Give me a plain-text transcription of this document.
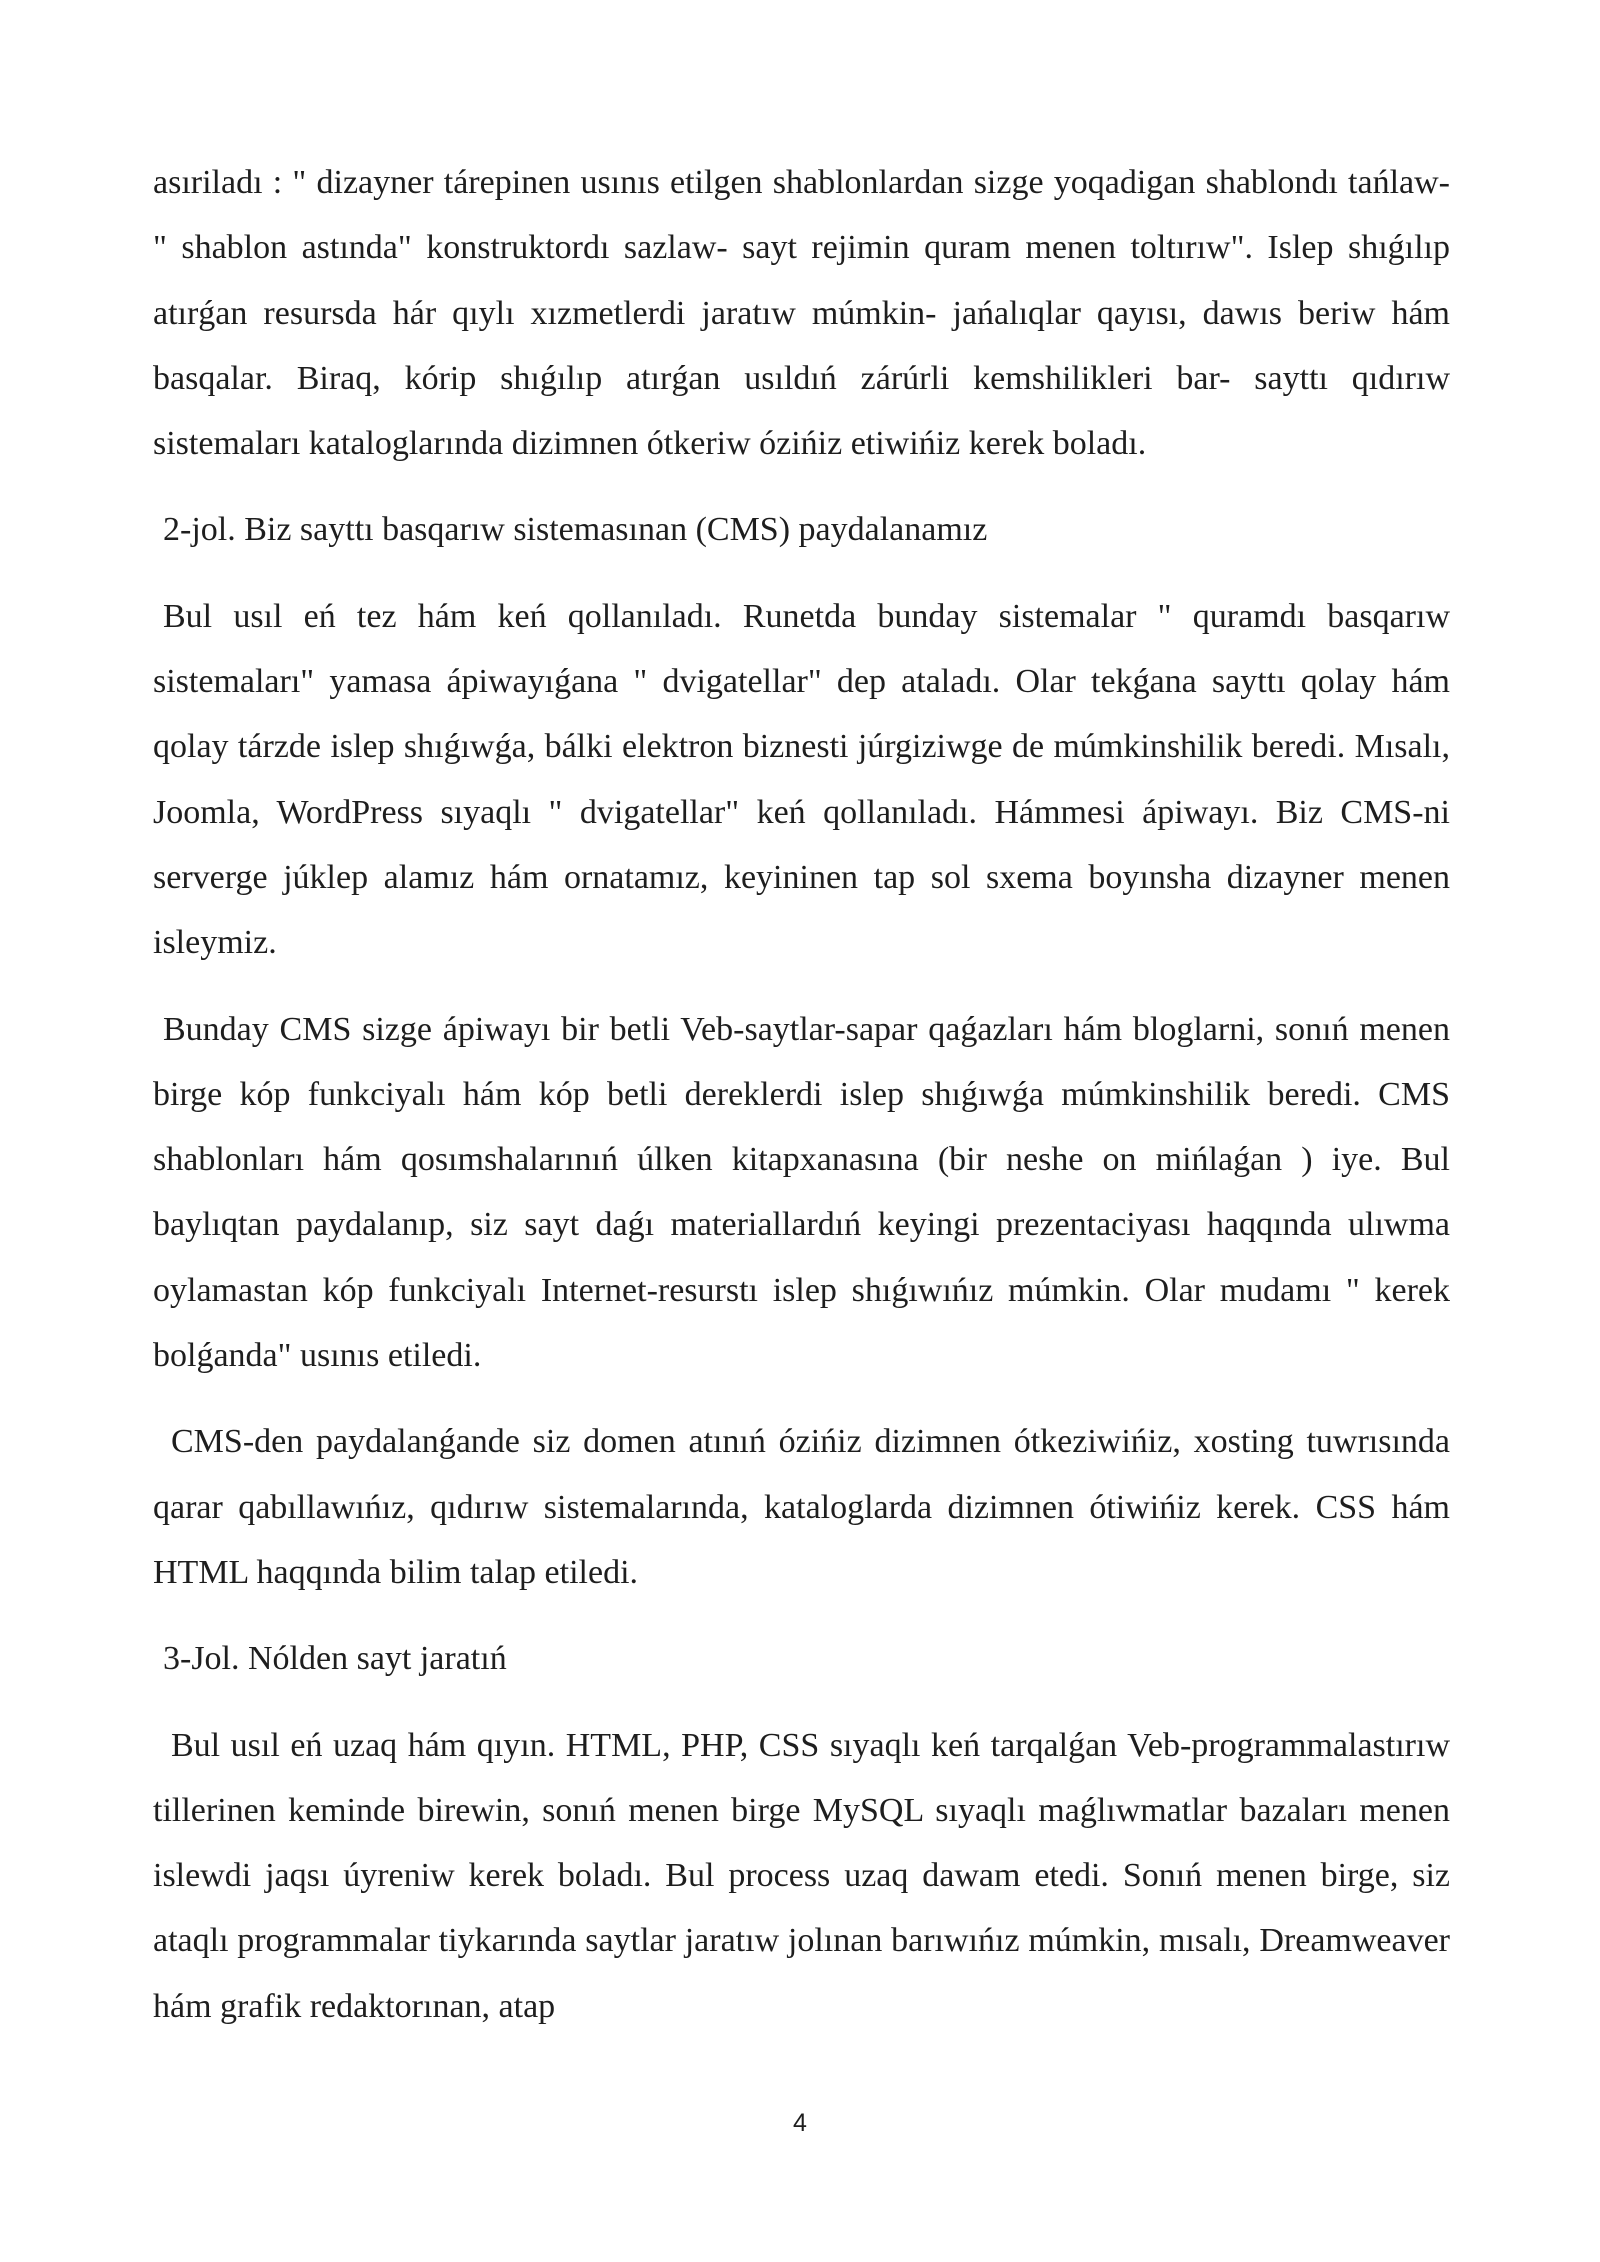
asıriladı : " dizayner tárepinen usınıs etilgen shablonlardan sizge yoqadigan shablondı tańlaw- " shablon astında" konstruktordı sazlaw- sayt rejimin quram menen toltırıw". Islep shıǵılıp atırǵan resursda hár qıylı xızmetlerdi jaratıw múmkin- jańalıqlar qayısı, dawıs beriw hám basqalar. Biraq, kórip shıǵılıp atırǵan usıldıń zárúrli kemshilikleri bar- sayttı qıdırıw sistemaları kataloglarında dizimnen ótkeriw ózińiz etiwińiz kerek boladı.

2-jol. Biz sayttı basqarıw sistemasınan (CMS) paydalanamız

Bul usıl eń tez hám keń qollanıladı. Runetda bunday sistemalar " quramdı basqarıw sistemaları" yamasa ápiwayıǵana " dvigatellar" dep ataladı. Olar tekǵana sayttı qolay hám qolay tárzde islep shıǵıwǵa, bálki elektron biznesti júrgiziwge de múmkinshilik beredi. Mısalı, Joomla, WordPress sıyaqlı " dvigatellar" keń qollanıladı. Hámmesi ápiwayı. Biz CMS-ni serverge júklep alamız hám ornatamız, keyininen tap sol sxema boyınsha dizayner menen isleymiz.

Bunday CMS sizge ápiwayı bir betli Veb-saytlar-sapar qaǵazları hám bloglarni, sonıń menen birge kóp funkciyalı hám kóp betli dereklerdi islep shıǵıwǵa múmkinshilik beredi. CMS shablonları hám qosımshalarınıń úlken kitapxanasına (bir neshe on mińlaǵan ) iye. Bul baylıqtan paydalanıp, siz sayt daǵı materiallardıń keyingi prezentaciyası haqqında ulıwma oylamastan kóp funkciyalı Internet-resurstı islep shıǵıwıńız múmkin. Olar mudamı " kerek bolǵanda" usınıs etiledi.

CMS-den paydalanǵande siz domen atınıń ózińiz dizimnen ótkeziwińiz, xosting tuwrısında qarar qabıllawıńız, qıdırıw sistemalarında, kataloglarda dizimnen ótiwińiz kerek. CSS hám HTML haqqında bilim talap etiledi.

3-Jol. Nólden sayt jaratıń

Bul usıl eń uzaq hám qıyın. HTML, PHP, CSS sıyaqlı keń tarqalǵan Veb-programmalastırıw tillerinen keminde birewin, sonıń menen birge MySQL sıyaqlı maǵlıwmatlar bazaları menen islewdi jaqsı úyreniw kerek boladı. Bul process uzaq dawam etedi. Sonıń menen birge, siz ataqlı programmalar tiykarında saytlar jaratıw jolınan barıwıńız múmkin, mısalı, Dreamweaver hám grafik redaktorınan, atap

4
